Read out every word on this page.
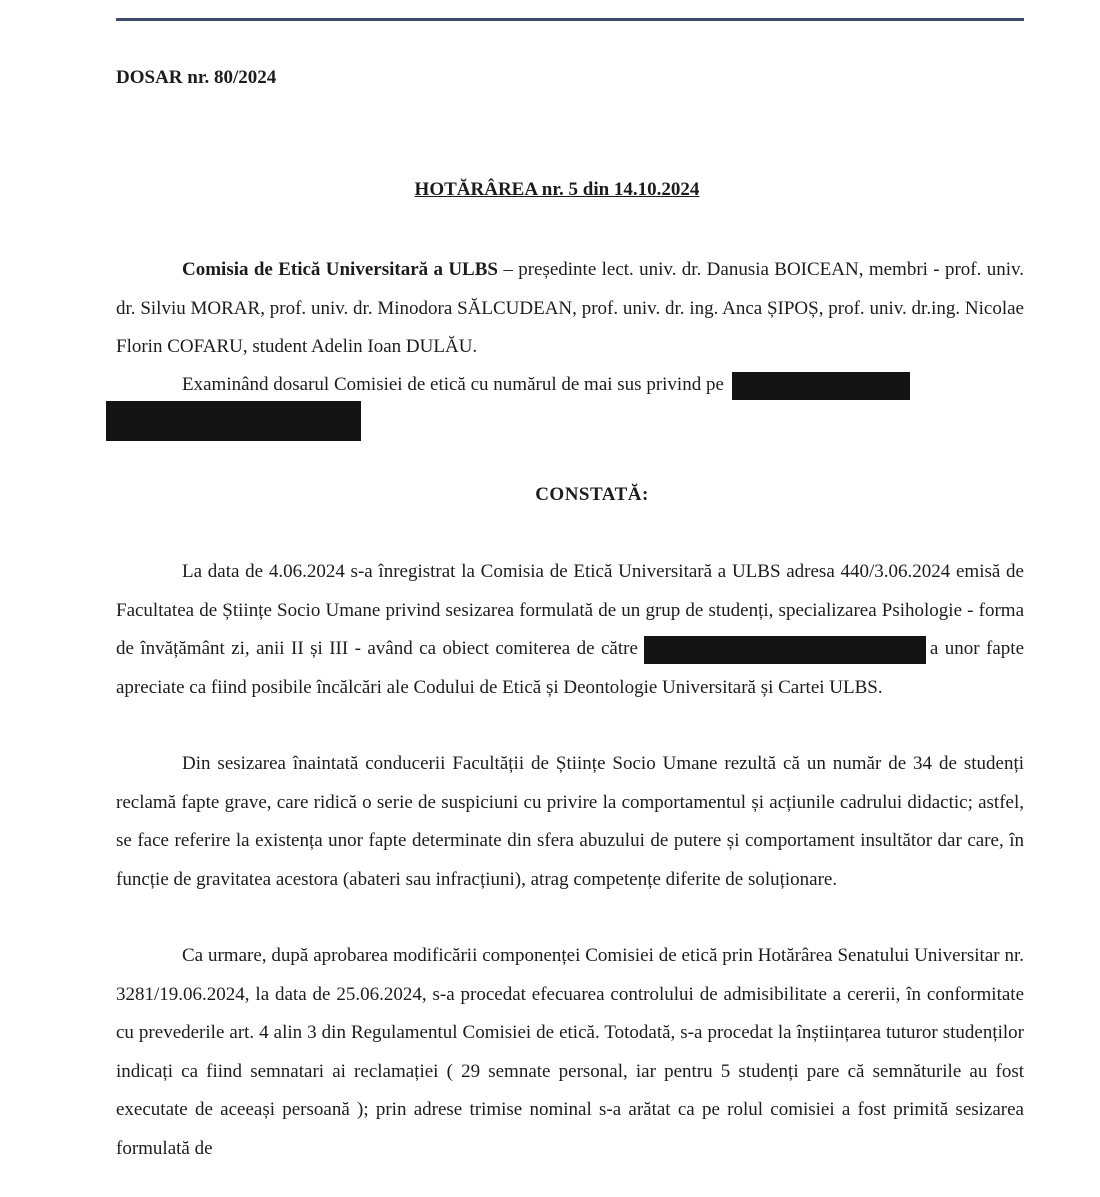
DOSAR nr. 80/2024
HOTĂRÂREA nr. 5 din 14.10.2024

Comisia de Etică Universitară a ULBS – președinte lect. univ. dr. Danusia BOICEAN, membri - prof. univ. dr. Silviu MORAR, prof. univ. dr. Minodora SĂLCUDEAN, prof. univ. dr. ing. Anca ȘIPOȘ, prof. univ. dr.ing. Nicolae Florin COFARU, student Adelin Ioan DULĂU.

Examinând dosarul Comisiei de etică cu numărul de mai sus privind pe

CONSTATĂ:

La data de 4.06.2024 s-a înregistrat la Comisia de Etică Universitară a ULBS adresa 440/3.06.2024 emisă de Facultatea de Științe Socio Umane privind sesizarea formulată de un grup de studenți, specializarea Psihologie - forma de învățământ zi, anii II și III - având ca obiect comiterea de către	a unor fapte apreciate ca fiind posibile încălcări ale Codului de Etică și Deontologie Universitară și Cartei ULBS.

Din sesizarea înaintată conducerii Facultății de Științe Socio Umane rezultă că un număr de 34 de studenți reclamă fapte grave, care ridică o serie de suspiciuni cu privire la comportamentul și acțiunile cadrului didactic; astfel, se face referire la existența unor fapte determinate din sfera abuzului de putere și comportament insultător dar care, în funcție de gravitatea acestora (abateri sau infracțiuni), atrag competențe diferite de soluționare.

Ca urmare, după aprobarea modificării componenței Comisiei de etică prin Hotărârea Senatului Universitar nr. 3281/19.06.2024, la data de 25.06.2024, s-a procedat efecuarea controlului de admisibilitate a cererii, în conformitate cu prevederile art. 4 alin 3 din Regulamentul Comisiei de etică. Totodată, s-a procedat la înștiințarea tuturor studenților indicați ca fiind semnatari ai reclamației ( 29 semnate personal, iar pentru 5 studenți pare că semnăturile au fost executate de aceeași persoană ); prin adrese trimise nominal s-a arătat ca pe rolul comisiei a fost primită sesizarea formulată de
